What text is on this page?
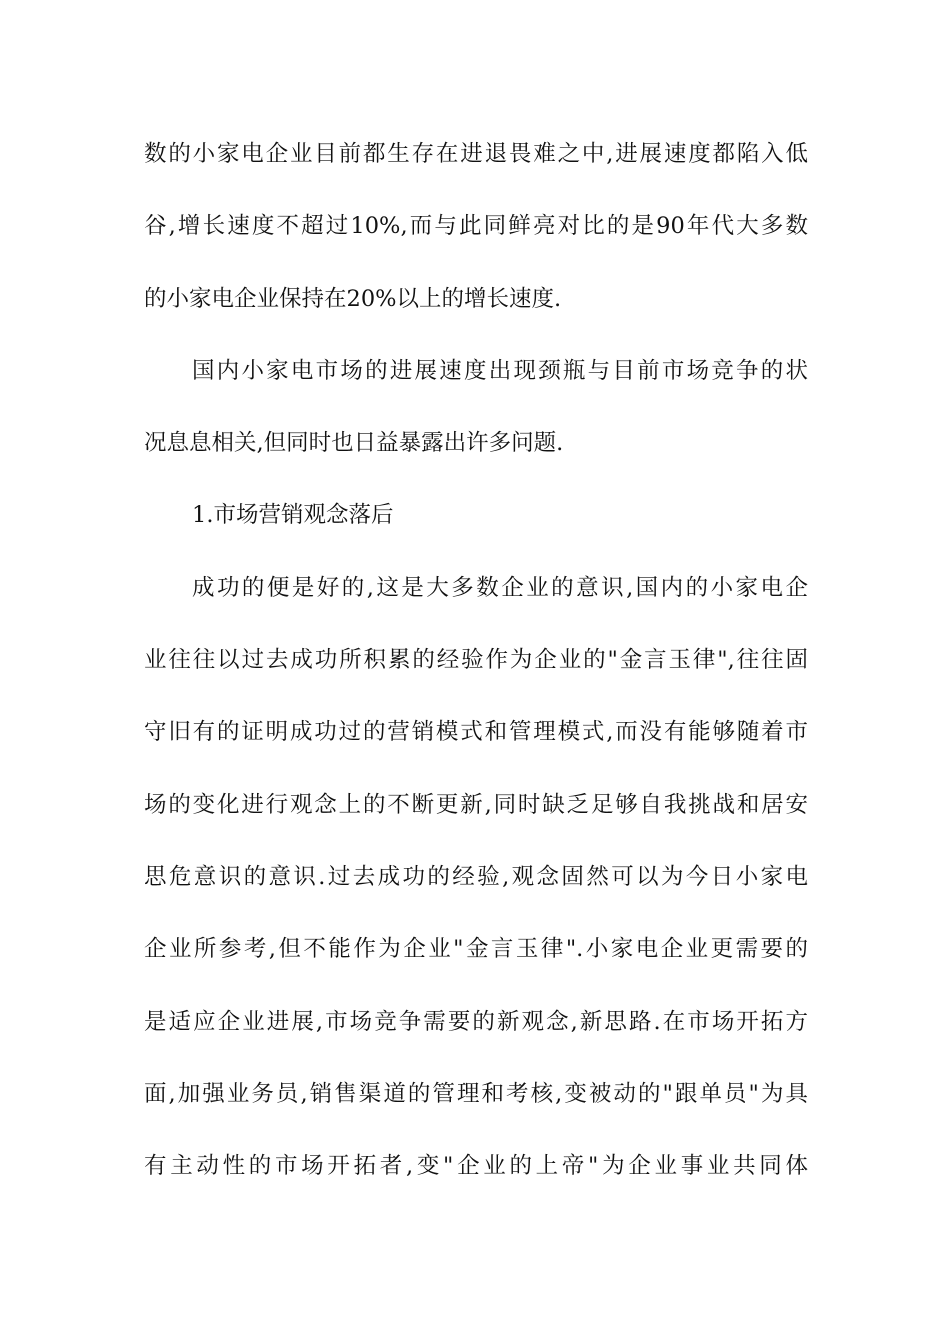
数的小家电企业目前都生存在进退畏难之中,进展速度都陷入低
谷,增长速度不超过10%,而与此同鲜亮对比的是90年代大多数
的小家电企业保持在20%以上的增长速度.
国内小家电市场的进展速度出现颈瓶与目前市场竞争的状
况息息相关,但同时也日益暴露出许多问题.
1.市场营销观念落后
成功的便是好的,这是大多数企业的意识,国内的小家电企
业往往以过去成功所积累的经验作为企业的"金言玉律",往往固
守旧有的证明成功过的营销模式和管理模式,而没有能够随着市
场的变化进行观念上的不断更新,同时缺乏足够自我挑战和居安
思危意识的意识.过去成功的经验,观念固然可以为今日小家电
企业所参考,但不能作为企业"金言玉律".小家电企业更需要的
是适应企业进展,市场竞争需要的新观念,新思路.在市场开拓方
面,加强业务员,销售渠道的管理和考核,变被动的"跟单员"为具
有主动性的市场开拓者,变"企业的上帝"为企业事业共同体
